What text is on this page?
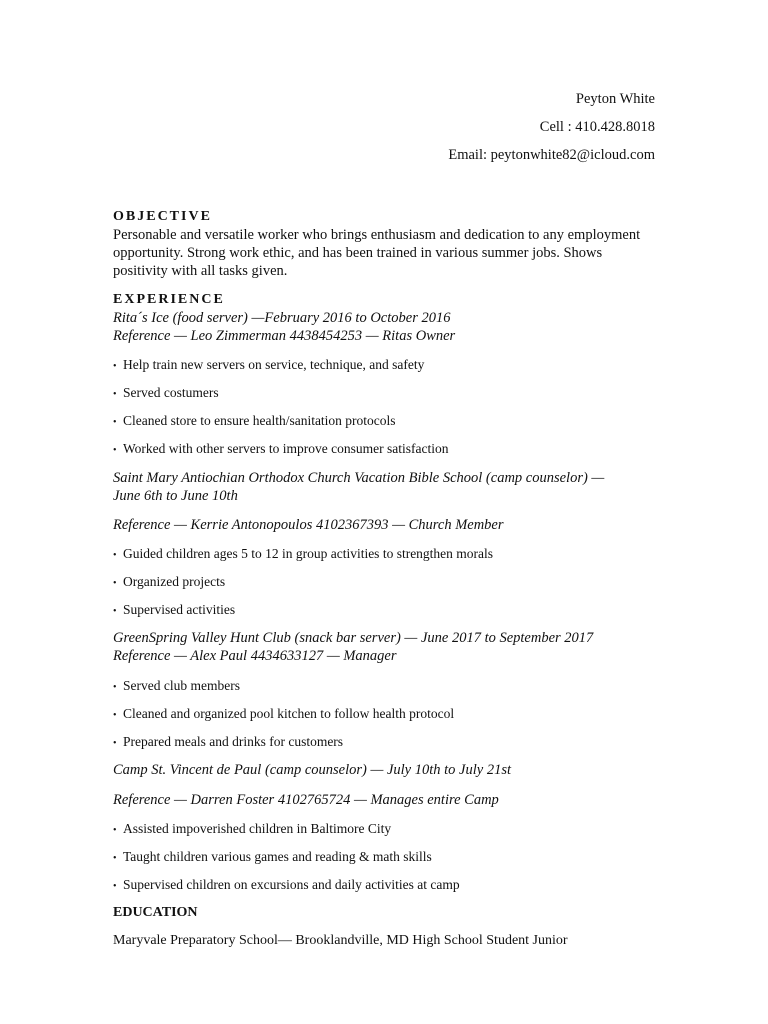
Peyton White
Cell : 410.428.8018
Email: peytonwhite82@icloud.com
OBJECTIVE
Personable and versatile worker who brings enthusiasm and dedication to any employment opportunity. Strong work ethic, and has been trained in various summer jobs. Shows positivity with all tasks given.
EXPERIENCE
Rita´s Ice (food server) —February 2016 to October 2016
Reference — Leo Zimmerman 4438454253 — Ritas Owner
• Help train new servers on service, technique, and safety
• Served costumers
• Cleaned store to ensure health/sanitation protocols
• Worked with other servers to improve consumer satisfaction
Saint Mary Antiochian Orthodox Church Vacation Bible School (camp counselor) —
June 6th to June 10th
Reference — Kerrie Antonopoulos 4102367393 — Church Member
• Guided children ages 5 to 12 in group activities to strengthen morals
• Organized projects
• Supervised activities
GreenSpring Valley Hunt Club (snack bar server) — June 2017 to September 2017
Reference — Alex Paul 4434633127 — Manager
• Served club members
• Cleaned and organized pool kitchen to follow health protocol
• Prepared meals and drinks for customers
Camp St. Vincent de Paul (camp counselor) — July 10th to July 21st
Reference — Darren Foster 4102765724 — Manages entire Camp
• Assisted impoverished children in Baltimore City
• Taught children various games and reading & math skills
• Supervised children on excursions and daily activities at camp
EDUCATION
Maryvale Preparatory School— Brooklandville, MD High School Student Junior
